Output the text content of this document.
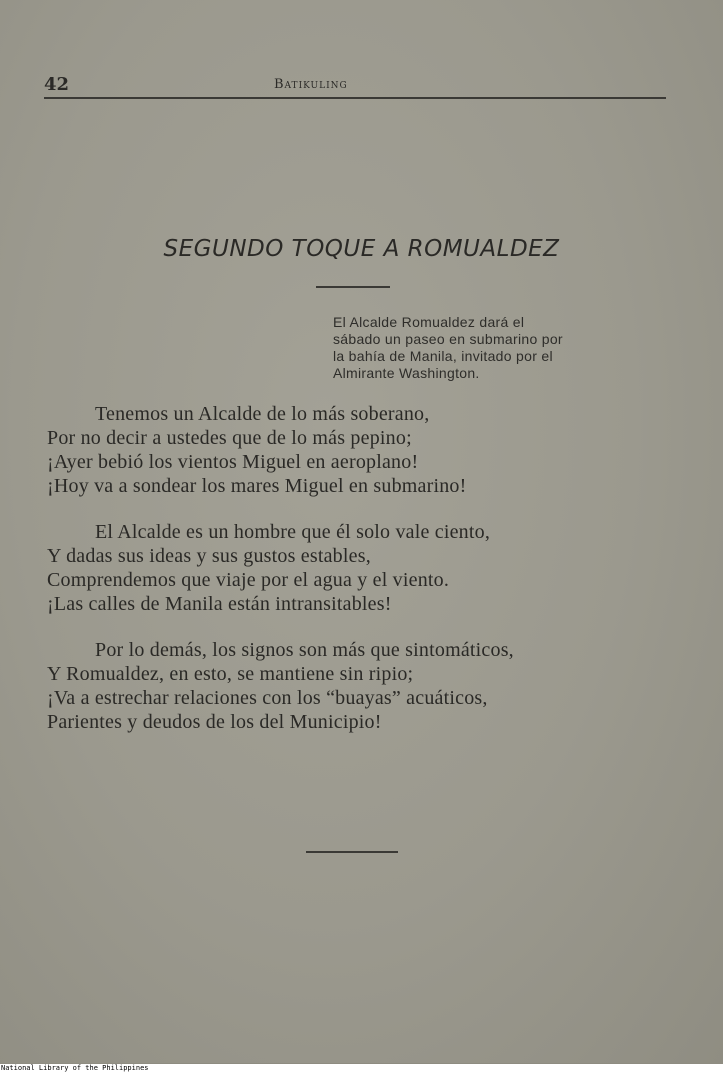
42	Batikuling
SEGUNDO TOQUE A ROMUALDEZ
El Alcalde Romualdez dará el
sábado un paseo en submarino por
la bahía de Manila, invitado por el
Almirante Washington.
Tenemos un Alcalde de lo más soberano,
Por no decir a ustedes que de lo más pepino;
¡Ayer bebió los vientos Miguel en aeroplano!
¡Hoy va a sondear los mares Miguel en submarino!
El Alcalde es un hombre que él solo vale ciento,
Y dadas sus ideas y sus gustos estables,
Comprendemos que viaje por el agua y el viento.
¡Las calles de Manila están intransitables!
Por lo demás, los signos son más que sintomáticos,
Y Romualdez, en esto, se mantiene sin ripio;
¡Va a estrechar relaciones con los “buayas” acuáticos,
Parientes y deudos de los del Municipio!
National Library of the Philippines
